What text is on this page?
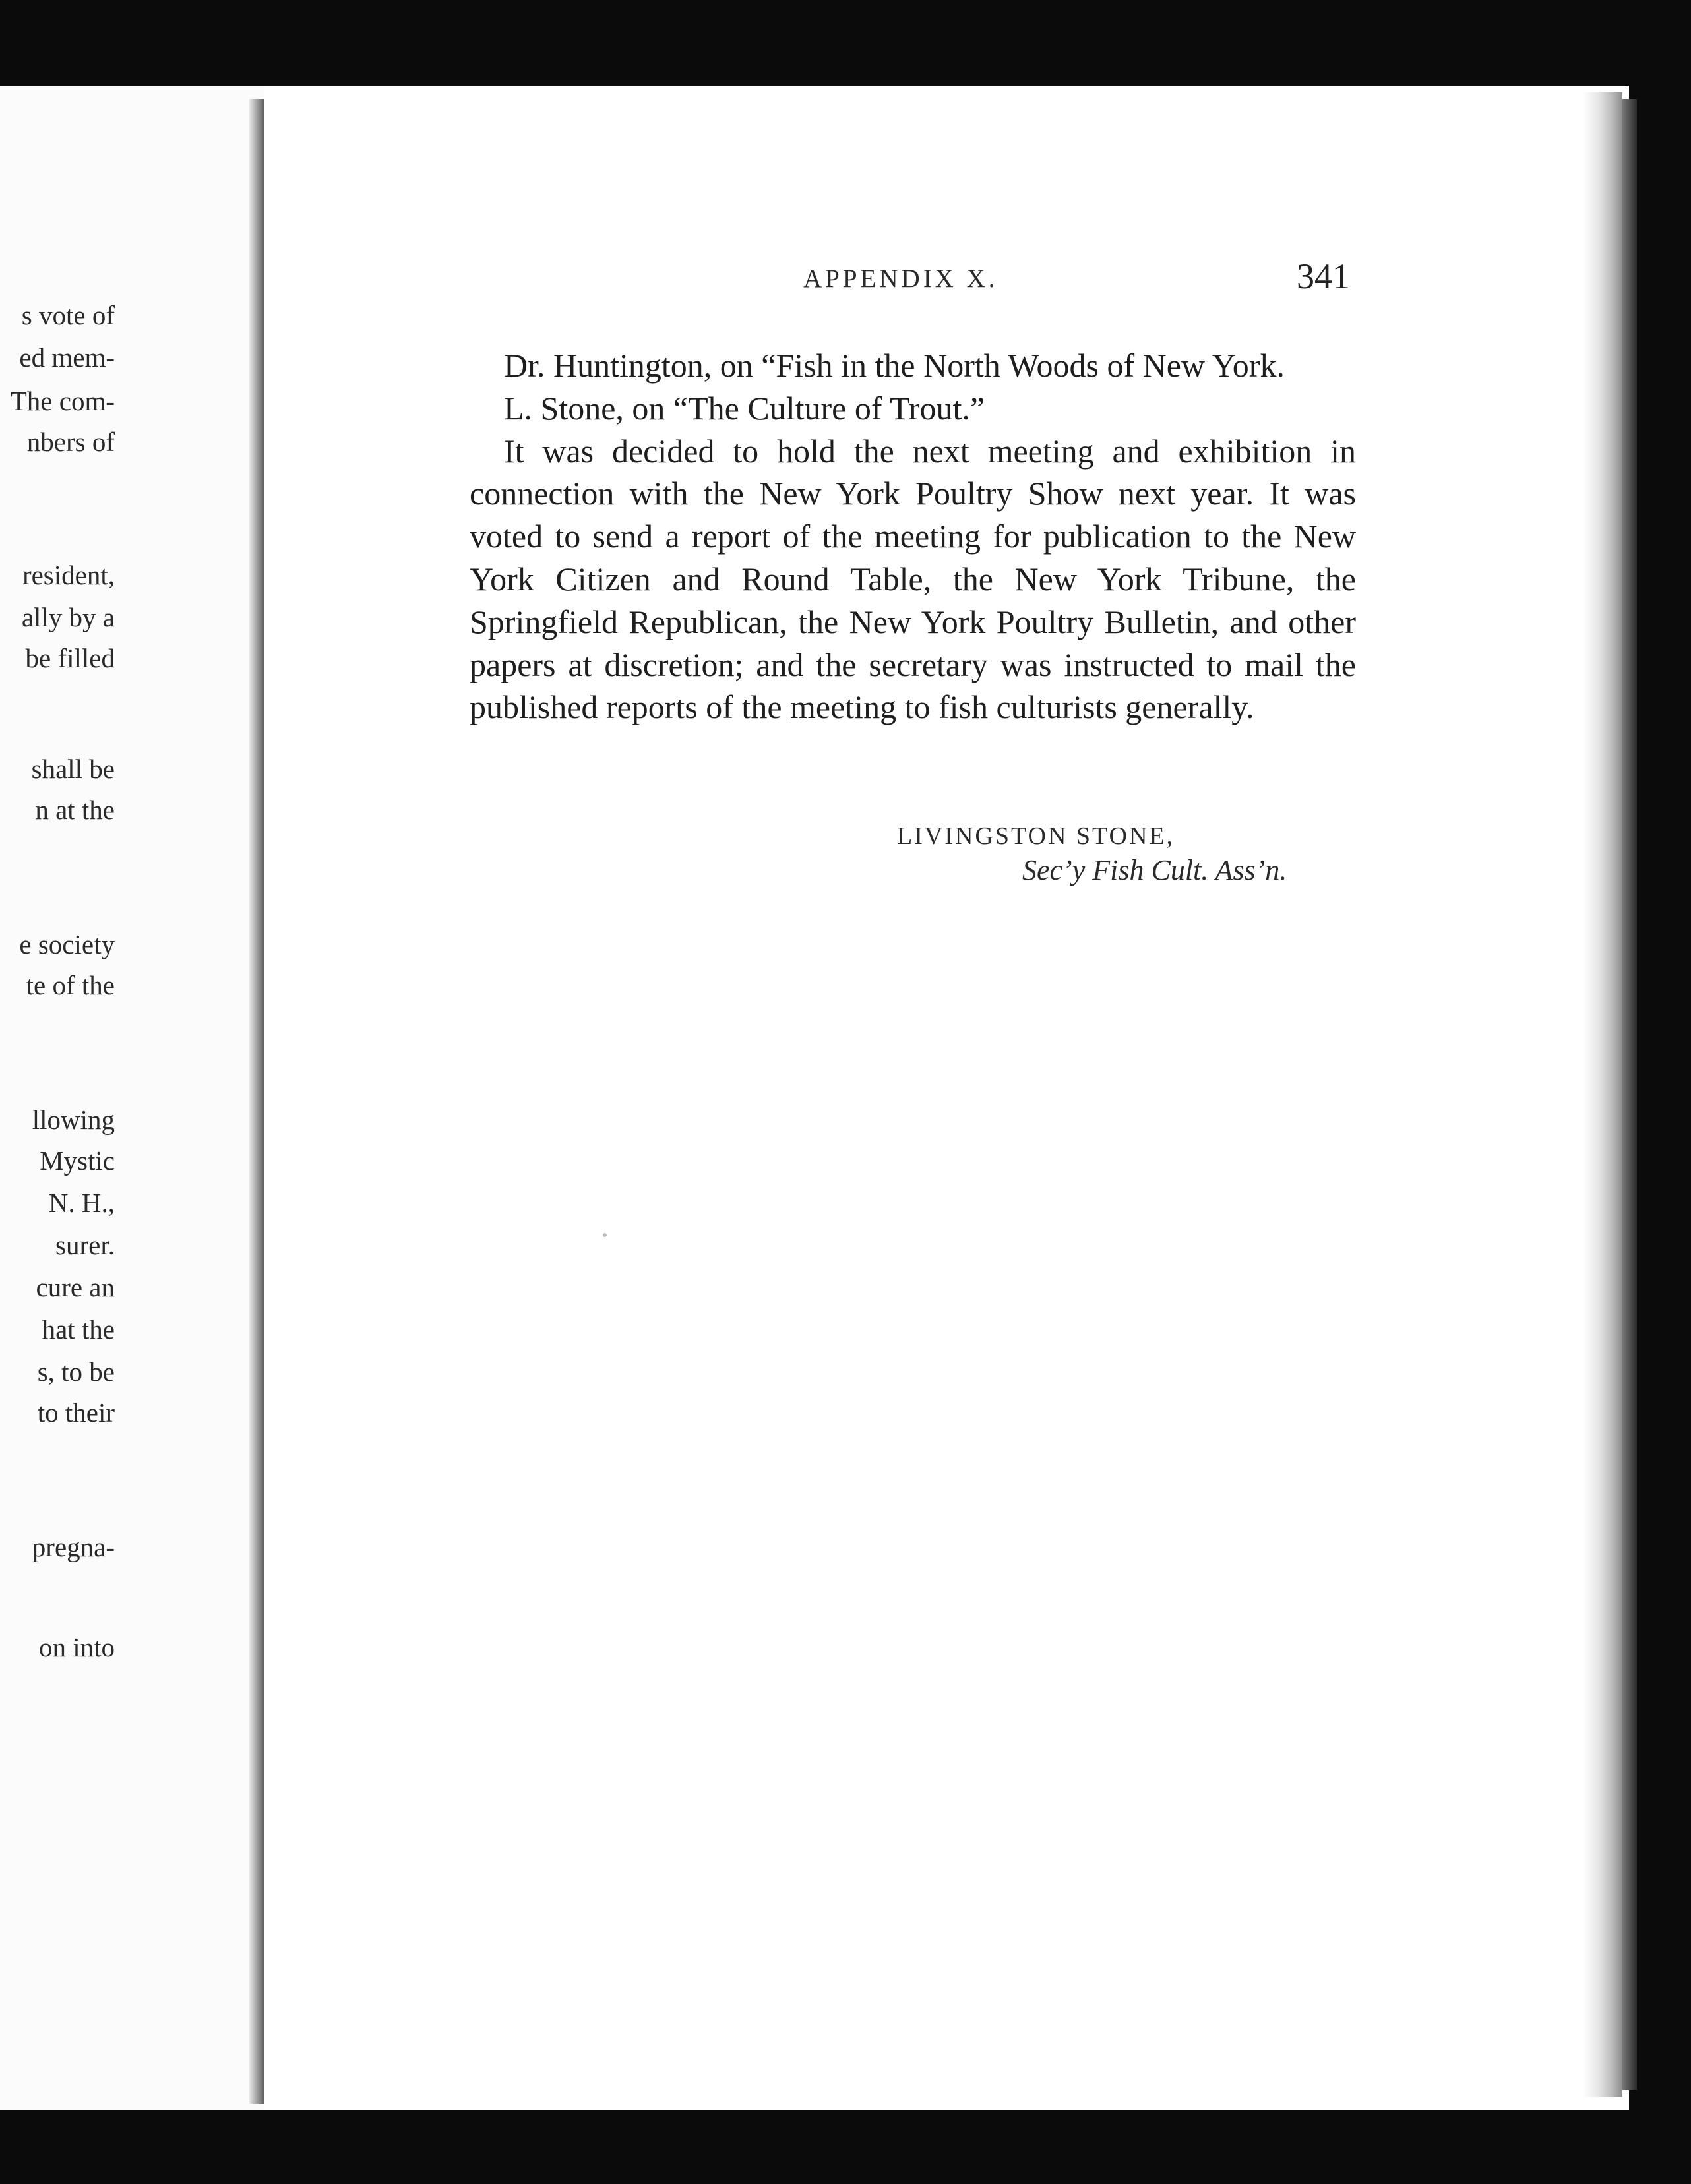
s vote of
ed mem-
The com-
nbers of
resident,
ally by a
be filled
shall be
n at the
e society
te of the
llowing
Mystic
N. H.,
surer.
cure an
hat the
s, to be
to their
pregna-
on into
APPENDIX X.	341

Dr. Huntington, on “Fish in the North Woods of New York.

L. Stone, on “The Culture of Trout.”

It was decided to hold the next meeting and exhibition in connection with the New York Poultry Show next year. It was voted to send a report of the meeting for publication to the New York Citizen and Round Table, the New York Tribune, the Springfield Republican, the New York Poultry Bulletin, and other papers at discretion; and the secretary was instructed to mail the published reports of the meeting to fish culturists generally.

LIVINGSTON STONE,
Sec’y Fish Cult. Ass’n.
